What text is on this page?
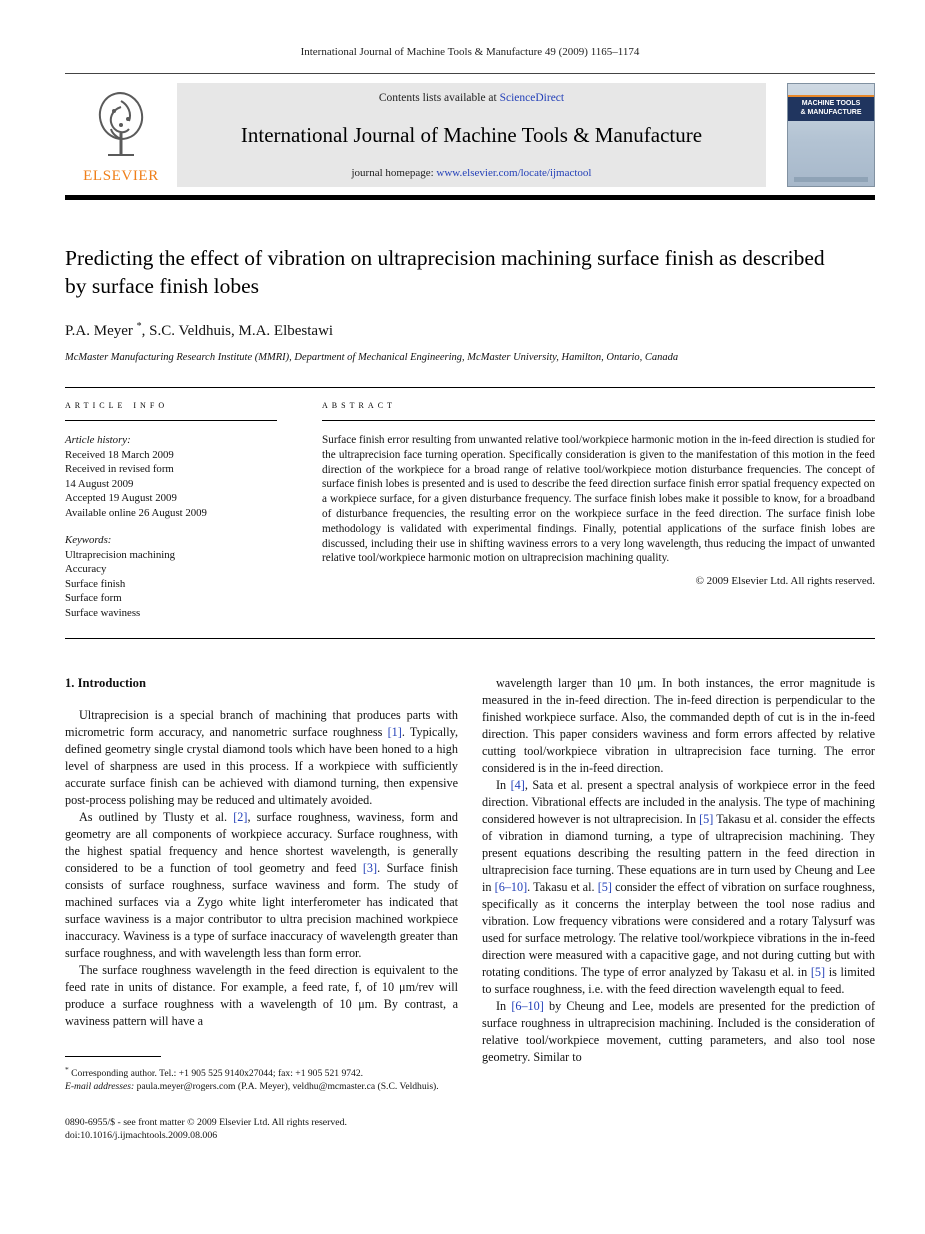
International Journal of Machine Tools & Manufacture 49 (2009) 1165–1174
ELSEVIER
Contents lists available at ScienceDirect
International Journal of Machine Tools & Manufacture
journal homepage: www.elsevier.com/locate/ijmactool
MACHINE TOOLS
& MANUFACTURE
Predicting the effect of vibration on ultraprecision machining surface finish as described by surface finish lobes
P.A. Meyer *, S.C. Veldhuis, M.A. Elbestawi
McMaster Manufacturing Research Institute (MMRI), Department of Mechanical Engineering, McMaster University, Hamilton, Ontario, Canada
article info
Article history:
Received 18 March 2009
Received in revised form
14 August 2009
Accepted 19 August 2009
Available online 26 August 2009
Keywords:
Ultraprecision machining
Accuracy
Surface finish
Surface form
Surface waviness
abstract
Surface finish error resulting from unwanted relative tool/workpiece harmonic motion in the in-feed direction is studied for the ultraprecision face turning operation. Specifically consideration is given to the manifestation of this motion in the feed direction of the workpiece for a broad range of relative tool/workpiece motion disturbance frequencies. The concept of surface finish lobes is presented and is used to describe the feed direction surface finish error spatial frequency expected on a workpiece surface, for a given disturbance frequency. The surface finish lobes make it possible to know, for a broadband of disturbance frequencies, the resulting error on the workpiece surface in the feed direction. The surface finish lobe methodology is validated with experimental findings. Finally, potential applications of the surface finish lobes are discussed, including their use in shifting waviness errors to a very long wavelength, thus reducing the impact of unwanted relative tool/workpiece harmonic motion on ultraprecision machining quality.
© 2009 Elsevier Ltd. All rights reserved.
1. Introduction

Ultraprecision is a special branch of machining that produces parts with micrometric form accuracy, and nanometric surface roughness [1]. Typically, defined geometry single crystal diamond tools which have been honed to a high level of sharpness are used in this process. If a workpiece with sufficiently accurate surface finish can be achieved with diamond turning, then expensive post-process polishing may be reduced and ultimately avoided.

As outlined by Tlusty et al. [2], surface roughness, waviness, form and geometry are all components of workpiece accuracy. Surface roughness, with the highest spatial frequency and hence shortest wavelength, is generally considered to be a function of tool geometry and feed [3]. Surface finish consists of surface roughness, surface waviness and form. The study of machined surfaces via a Zygo white light interferometer has indicated that surface waviness is a major contributor to ultra precision machined workpiece inaccuracy. Waviness is a type of surface inaccuracy of wavelength greater than surface roughness, and with wavelength less than form error.

The surface roughness wavelength in the feed direction is equivalent to the feed rate in units of distance. For example, a feed rate, f, of 10 μm/rev will produce a surface roughness with a wavelength of 10 μm. By contrast, a waviness pattern will have a

* Corresponding author. Tel.: +1 905 525 9140x27044; fax: +1 905 521 9742.
E-mail addresses: paula.meyer@rogers.com (P.A. Meyer), veldhu@mcmaster.ca (S.C. Veldhuis).

wavelength larger than 10 μm. In both instances, the error magnitude is measured in the in-feed direction. The in-feed direction is perpendicular to the finished workpiece surface. Also, the commanded depth of cut is in the in-feed direction. This paper considers waviness and form errors affected by relative cutting tool/workpiece vibration in ultraprecision face turning. The error considered is in the in-feed direction.

In [4], Sata et al. present a spectral analysis of workpiece error in the feed direction. Vibrational effects are included in the analysis. The type of machining considered however is not ultraprecision. In [5] Takasu et al. consider the effects of vibration in diamond turning, a type of ultraprecision machining. They present equations describing the resulting pattern in the feed direction in ultraprecision face turning. These equations are in turn used by Cheung and Lee in [6–10]. Takasu et al. [5] consider the effect of vibration on surface roughness, specifically as it concerns the interplay between the tool nose radius and vibration. Low frequency vibrations were considered and a rotary Talysurf was used for surface metrology. The relative tool/workpiece vibrations in the in-feed direction were measured with a capacitive gage, and not during cutting but with rotating conditions. The type of error analyzed by Takasu et al. in [5] is limited to surface roughness, i.e. with the feed direction wavelength equal to feed.

In [6–10] by Cheung and Lee, models are presented for the prediction of surface roughness in ultraprecision machining. Included is the consideration of relative tool/workpiece movement, cutting parameters, and also tool nose geometry. Similar to

0890-6955/$ - see front matter © 2009 Elsevier Ltd. All rights reserved.
doi:10.1016/j.ijmachtools.2009.08.006
